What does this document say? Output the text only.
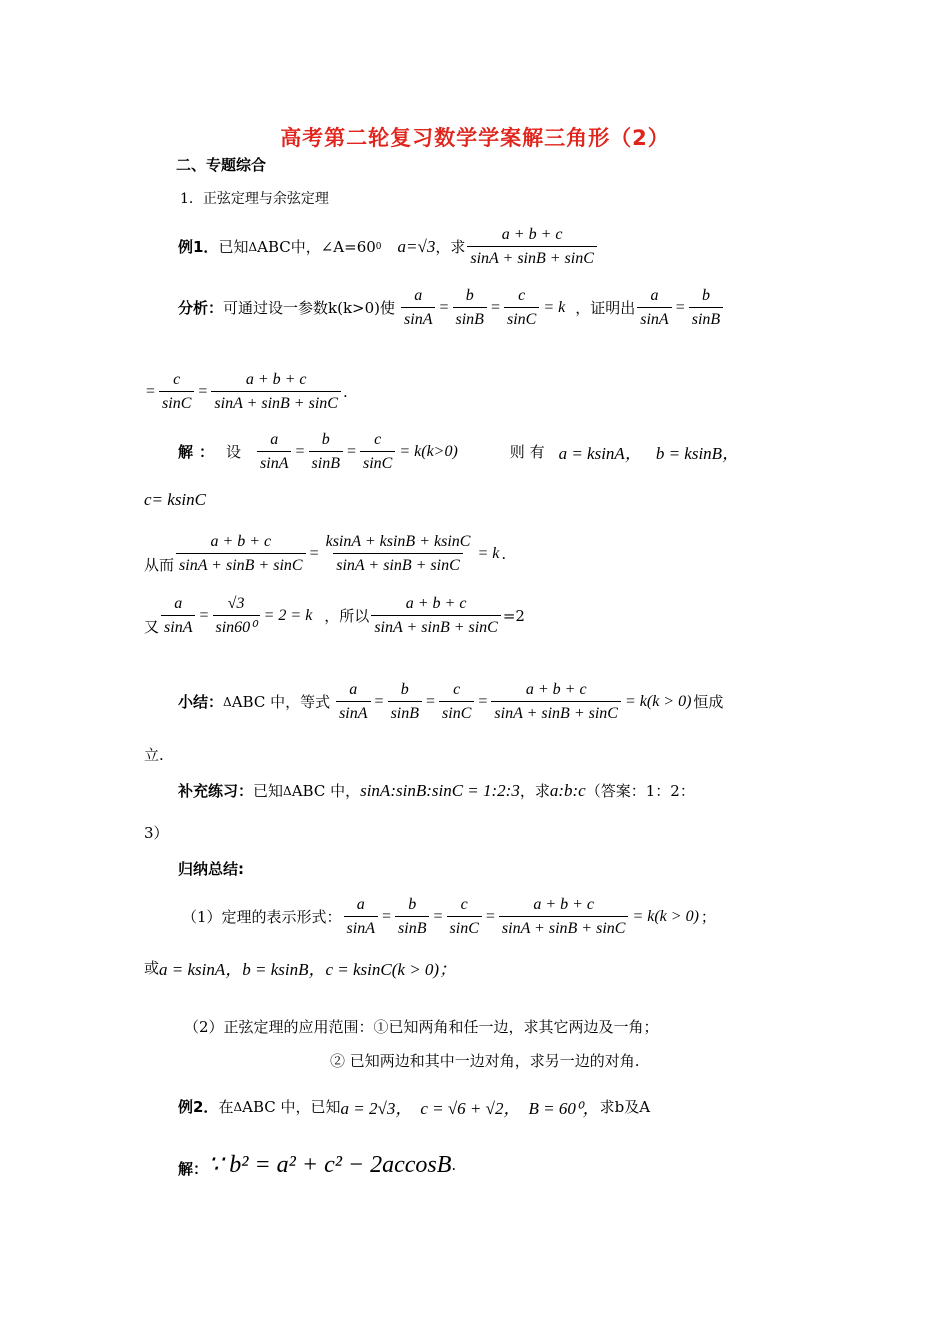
高考第二轮复习数学学案解三角形（2）
二、专题综合
1．正弦定理与余弦定理
例1． 已知 Δ ABC中，∠A=60 0 a=√3 ，求 $\frac{a + b + c}{\sin A + \sin B + \sin C}$
分析： 可通过设一参数k(k>0)使 $\frac{a}{\sin A} = \frac{b}{\sin B} = \frac{c}{\sin C} = k$ ，证明出 $\frac{a}{\sin A} = \frac{b}{\sin B}$
= $\frac{c}{\sin C} = \frac{a + b + c}{\sin A + \sin B + \sin C}$ .
解： 设 $\frac{a}{\sin A} = \frac{b}{\sin B} = \frac{c}{\sin C} = k(k>0)$	则 有 a = ksinA， b = ksinB，
c= ksinC
从而 $\frac{a + b + c}{\sin A + \sin B + \sin C} = \frac{ksinA + ksinB + ksinC}{\sin A + \sin B + \sin C} = k$ .
又 $\frac{a}{\sin A} = \frac{√3}{\text{sin60⁰}} = 2 = k$ ，所以 $\frac{a + b + c}{\sin A + \sin B + \sin C} =2$
小结： Δ ABC 中，等式 $\frac{a}{\sin A} = \frac{b}{\sin B} = \frac{c}{\sin C} = \frac{a + b + c}{\sin A + \sin B + \sin C} = k(k > 0)$ 恒成
立.
补充练习： 已知 Δ ABC 中， sinA:sinB:sinC = 1:2:3 ，求 a:b:c （答案：1：2：
3）
归纳总结:
（1）定理的表示形式： $\frac{a}{\sin A} = \frac{b}{\sin B} = \frac{c}{\sin C} = \frac{a + b + c}{\sin A + \sin B + \sin C} = k(k > 0)$ ；
或 a = ksinA，b = ksinB，c = ksinC(k > 0)；
（2）正弦定理的应用范围：①已知两角和任一边，求其它两边及一角；
② 已知两边和其中一边对角，求另一边的对角.
例2． 在 Δ ABC 中，已知 a = 2√3， c = √6 + √2， B = 60⁰， 求b及A
解： ∵ b² = a² + c² − 2accosB .
